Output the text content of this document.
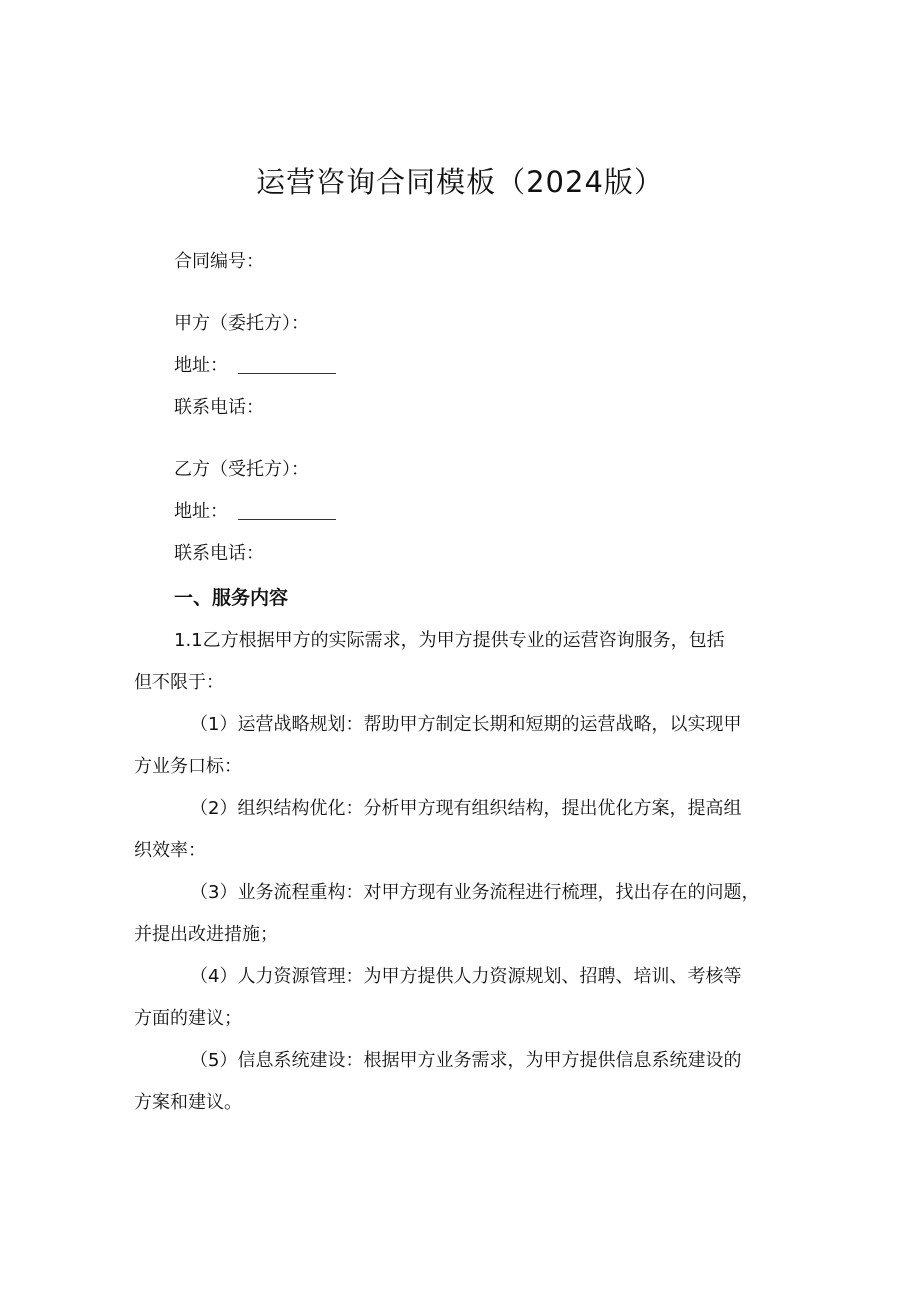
运营咨询合同模板（2024版）
合同编号：
甲方（委托方）：
地址：
联系电话：
乙方（受托方）：
地址：
联系电话：
一、服务内容
1.1乙方根据甲方的实际需求，为甲方提供专业的运营咨询服务，包括
但不限于：
（1）运营战略规划：帮助甲方制定长期和短期的运营战略，以实现甲
方业务口标：
（2）组织结构优化：分析甲方现有组织结构，提出优化方案，提高组
织效率：
（3）业务流程重构：对甲方现有业务流程进行梳理，找出存在的问题，
并提出改进措施；
（4）人力资源管理：为甲方提供人力资源规划、招聘、培训、考核等
方面的建议；
（5）信息系统建设：根据甲方业务需求，为甲方提供信息系统建设的
方案和建议。
